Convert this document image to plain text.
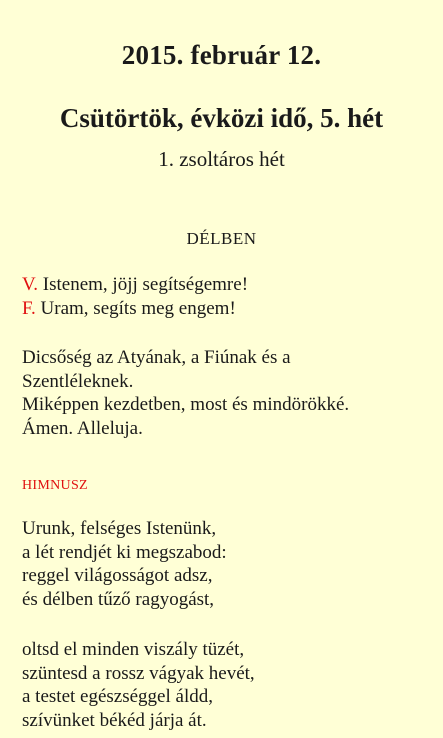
2015. február 12.
Csütörtök, évközi idő, 5. hét
1. zsoltáros hét
DÉLBEN
V. Istenem, jöjj segítségemre!
F. Uram, segíts meg engem!
Dicsőség az Atyának, a Fiúnak és a
Szentléleknek.
Miképpen kezdetben, most és mindörökké.
Ámen. Alleluja.
HIMNUSZ
Urunk, felséges Istenünk,
a lét rendjét ki megszabod:
reggel világosságot adsz,
és délben tűző ragyogást,
oltsd el minden viszály tüzét,
szüntesd a rossz vágyak hevét,
a testet egészséggel áldd,
szívünket békéd járja át.
